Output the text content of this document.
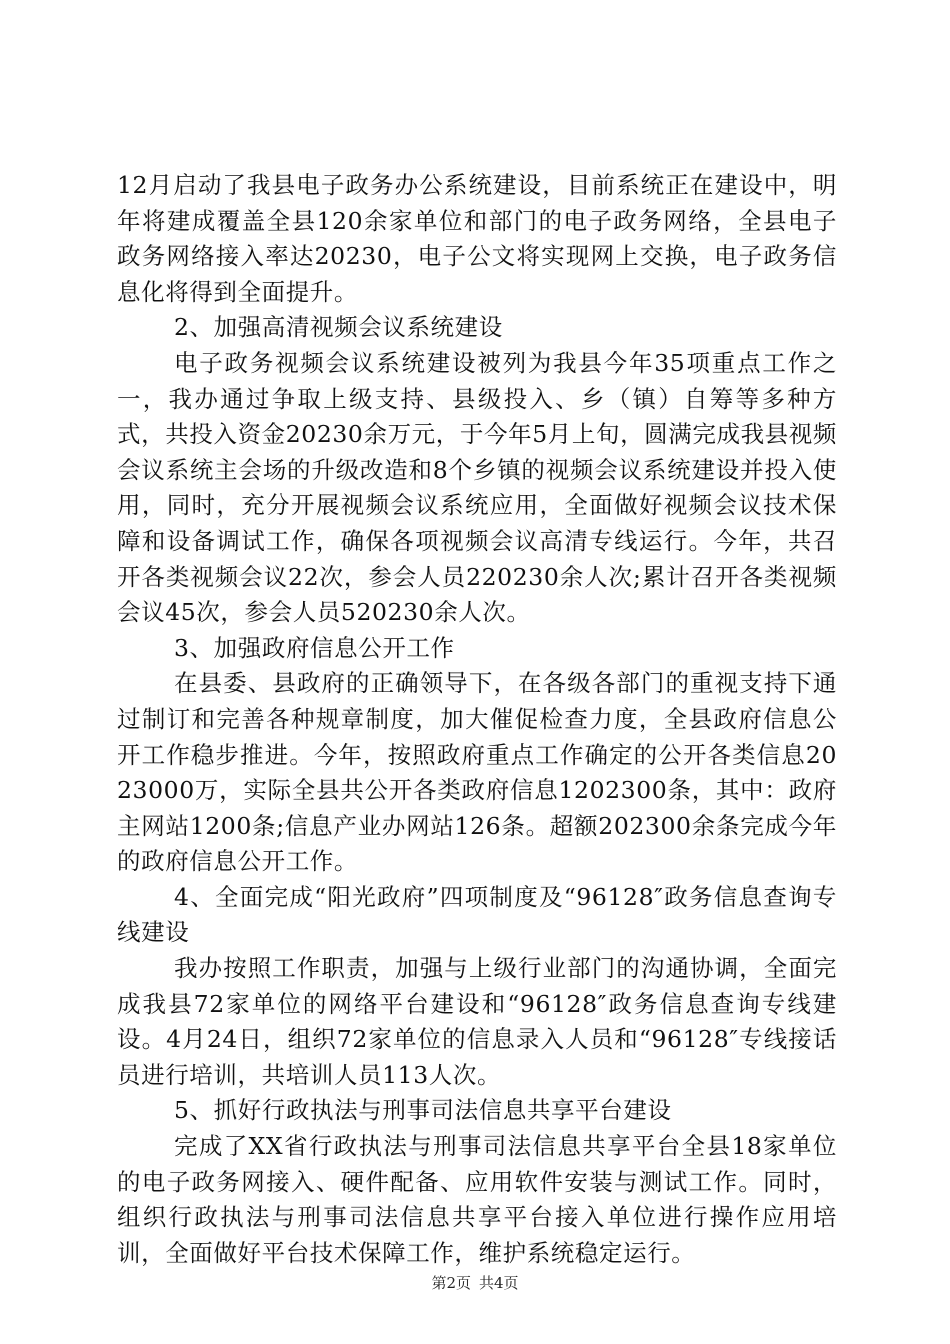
12月启动了我县电子政务办公系统建设，目前系统正在建设中，明年将建成覆盖全县120余家单位和部门的电子政务网络，全县电子政务网络接入率达20230，电子公文将实现网上交换，电子政务信息化将得到全面提升。

2、加强高清视频会议系统建设

电子政务视频会议系统建设被列为我县今年35项重点工作之一，我办通过争取上级支持、县级投入、乡（镇）自筹等多种方式，共投入资金20230余万元，于今年5月上旬，圆满完成我县视频会议系统主会场的升级改造和8个乡镇的视频会议系统建设并投入使用，同时，充分开展视频会议系统应用，全面做好视频会议技术保障和设备调试工作，确保各项视频会议高清专线运行。今年，共召开各类视频会议22次，参会人员220230余人次;累计召开各类视频会议45次，参会人员520230余人次。

3、加强政府信息公开工作

在县委、县政府的正确领导下，在各级各部门的重视支持下通过制订和完善各种规章制度，加大催促检查力度，全县政府信息公开工作稳步推进。今年，按照政府重点工作确定的公开各类信息2023000万，实际全县共公开各类政府信息1202300条，其中：政府主网站1200条;信息产业办网站126条。超额202300余条完成今年的政府信息公开工作。

4、全面完成“阳光政府”四项制度及“96128″政务信息查询专线建设

我办按照工作职责，加强与上级行业部门的沟通协调，全面完成我县72家单位的网络平台建设和“96128″政务信息查询专线建设。4月24日，组织72家单位的信息录入人员和“96128″专线接话员进行培训，共培训人员113人次。

5、抓好行政执法与刑事司法信息共享平台建设

完成了XX省行政执法与刑事司法信息共享平台全县18家单位的电子政务网接入、硬件配备、应用软件安装与测试工作。同时，组织行政执法与刑事司法信息共享平台接入单位进行操作应用培训，全面做好平台技术保障工作，维护系统稳定运行。

第2页 共4页
